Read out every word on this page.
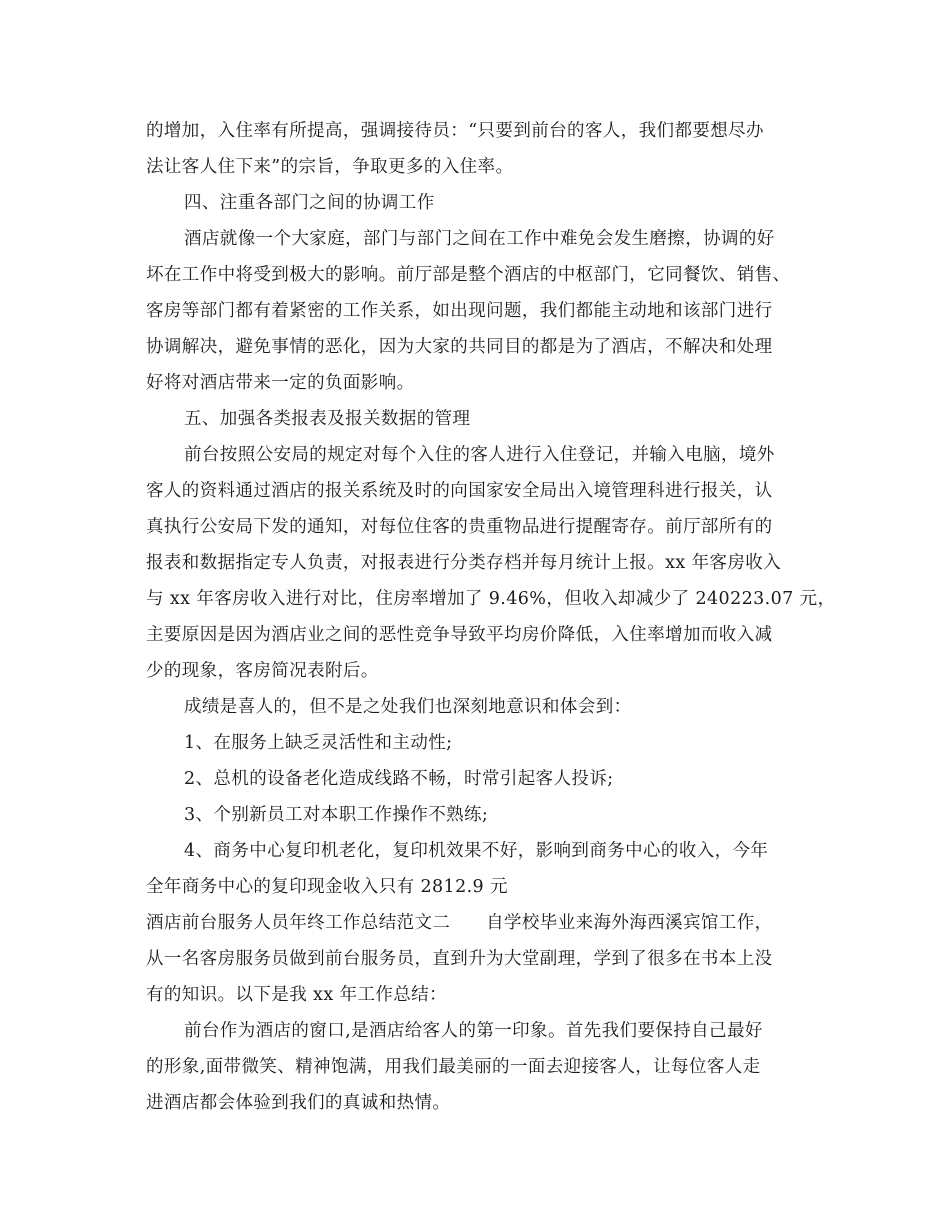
的增加，入住率有所提高，强调接待员：“只要到前台的客人，我们都要想尽办
法让客人住下来”的宗旨，争取更多的入住率。
四、注重各部门之间的协调工作
酒店就像一个大家庭，部门与部门之间在工作中难免会发生磨擦，协调的好
坏在工作中将受到极大的影响。前厅部是整个酒店的中枢部门，它同餐饮、销售、
客房等部门都有着紧密的工作关系，如出现问题，我们都能主动地和该部门进行
协调解决，避免事情的恶化，因为大家的共同目的都是为了酒店，不解决和处理
好将对酒店带来一定的负面影响。
五、加强各类报表及报关数据的管理
前台按照公安局的规定对每个入住的客人进行入住登记，并输入电脑，境外
客人的资料通过酒店的报关系统及时的向国家安全局出入境管理科进行报关，认
真执行公安局下发的通知，对每位住客的贵重物品进行提醒寄存。前厅部所有的
报表和数据指定专人负责，对报表进行分类存档并每月统计上报。xx 年客房收入
与 xx 年客房收入进行对比，住房率增加了 9.46%，但收入却减少了 240223.07 元，
主要原因是因为酒店业之间的恶性竞争导致平均房价降低，入住率增加而收入减
少的现象，客房简况表附后。
成绩是喜人的，但不是之处我们也深刻地意识和体会到：
1、在服务上缺乏灵活性和主动性;
2、总机的设备老化造成线路不畅，时常引起客人投诉;
3、个别新员工对本职工作操作不熟练;
4、商务中心复印机老化，复印机效果不好，影响到商务中心的收入，今年
全年商务中心的复印现金收入只有 2812.9 元
酒店前台服务人员年终工作总结范文二　　自学校毕业来海外海西溪宾馆工作，
从一名客房服务员做到前台服务员，直到升为大堂副理，学到了很多在书本上没
有的知识。以下是我 xx 年工作总结：
前台作为酒店的窗口,是酒店给客人的第一印象。首先我们要保持自己最好
的形象,面带微笑、精神饱满，用我们最美丽的一面去迎接客人，让每位客人走
进酒店都会体验到我们的真诚和热情。
